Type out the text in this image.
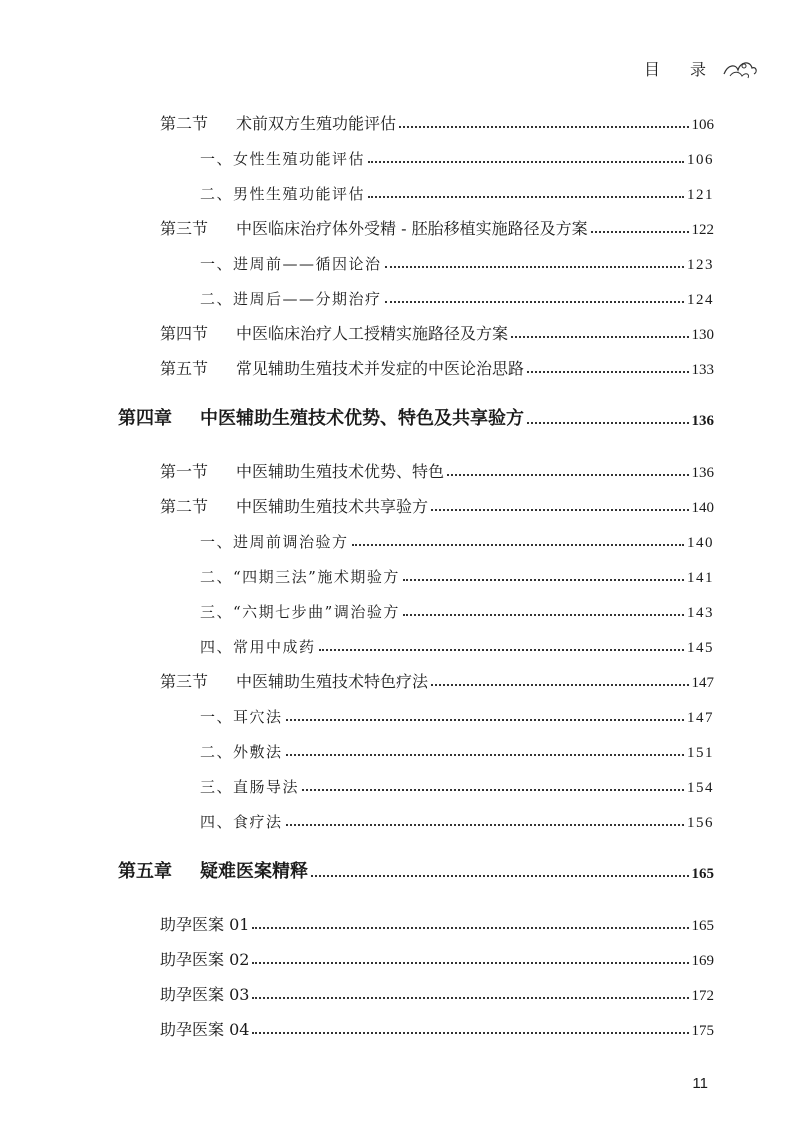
目 录
第二节 术前双方生殖功能评估	106
一、女性生殖功能评估	106
二、男性生殖功能评估	121
第三节 中医临床治疗体外受精 - 胚胎移植实施路径及方案	122
一、进周前——循因论治	123
二、进周后——分期治疗	124
第四节 中医临床治疗人工授精实施路径及方案	130
第五节 常见辅助生殖技术并发症的中医论治思路	133
第四章 中医辅助生殖技术优势、特色及共享验方	136
第一节 中医辅助生殖技术优势、特色	136
第二节 中医辅助生殖技术共享验方	140
一、进周前调治验方	140
二、“四期三法”施术期验方	141
三、“六期七步曲”调治验方	143
四、常用中成药	145
第三节 中医辅助生殖技术特色疗法	147
一、耳穴法	147
二、外敷法	151
三、直肠导法	154
四、食疗法	156
第五章 疑难医案精释	165
助孕医案 01	165
助孕医案 02	169
助孕医案 03	172
助孕医案 04	175
11
